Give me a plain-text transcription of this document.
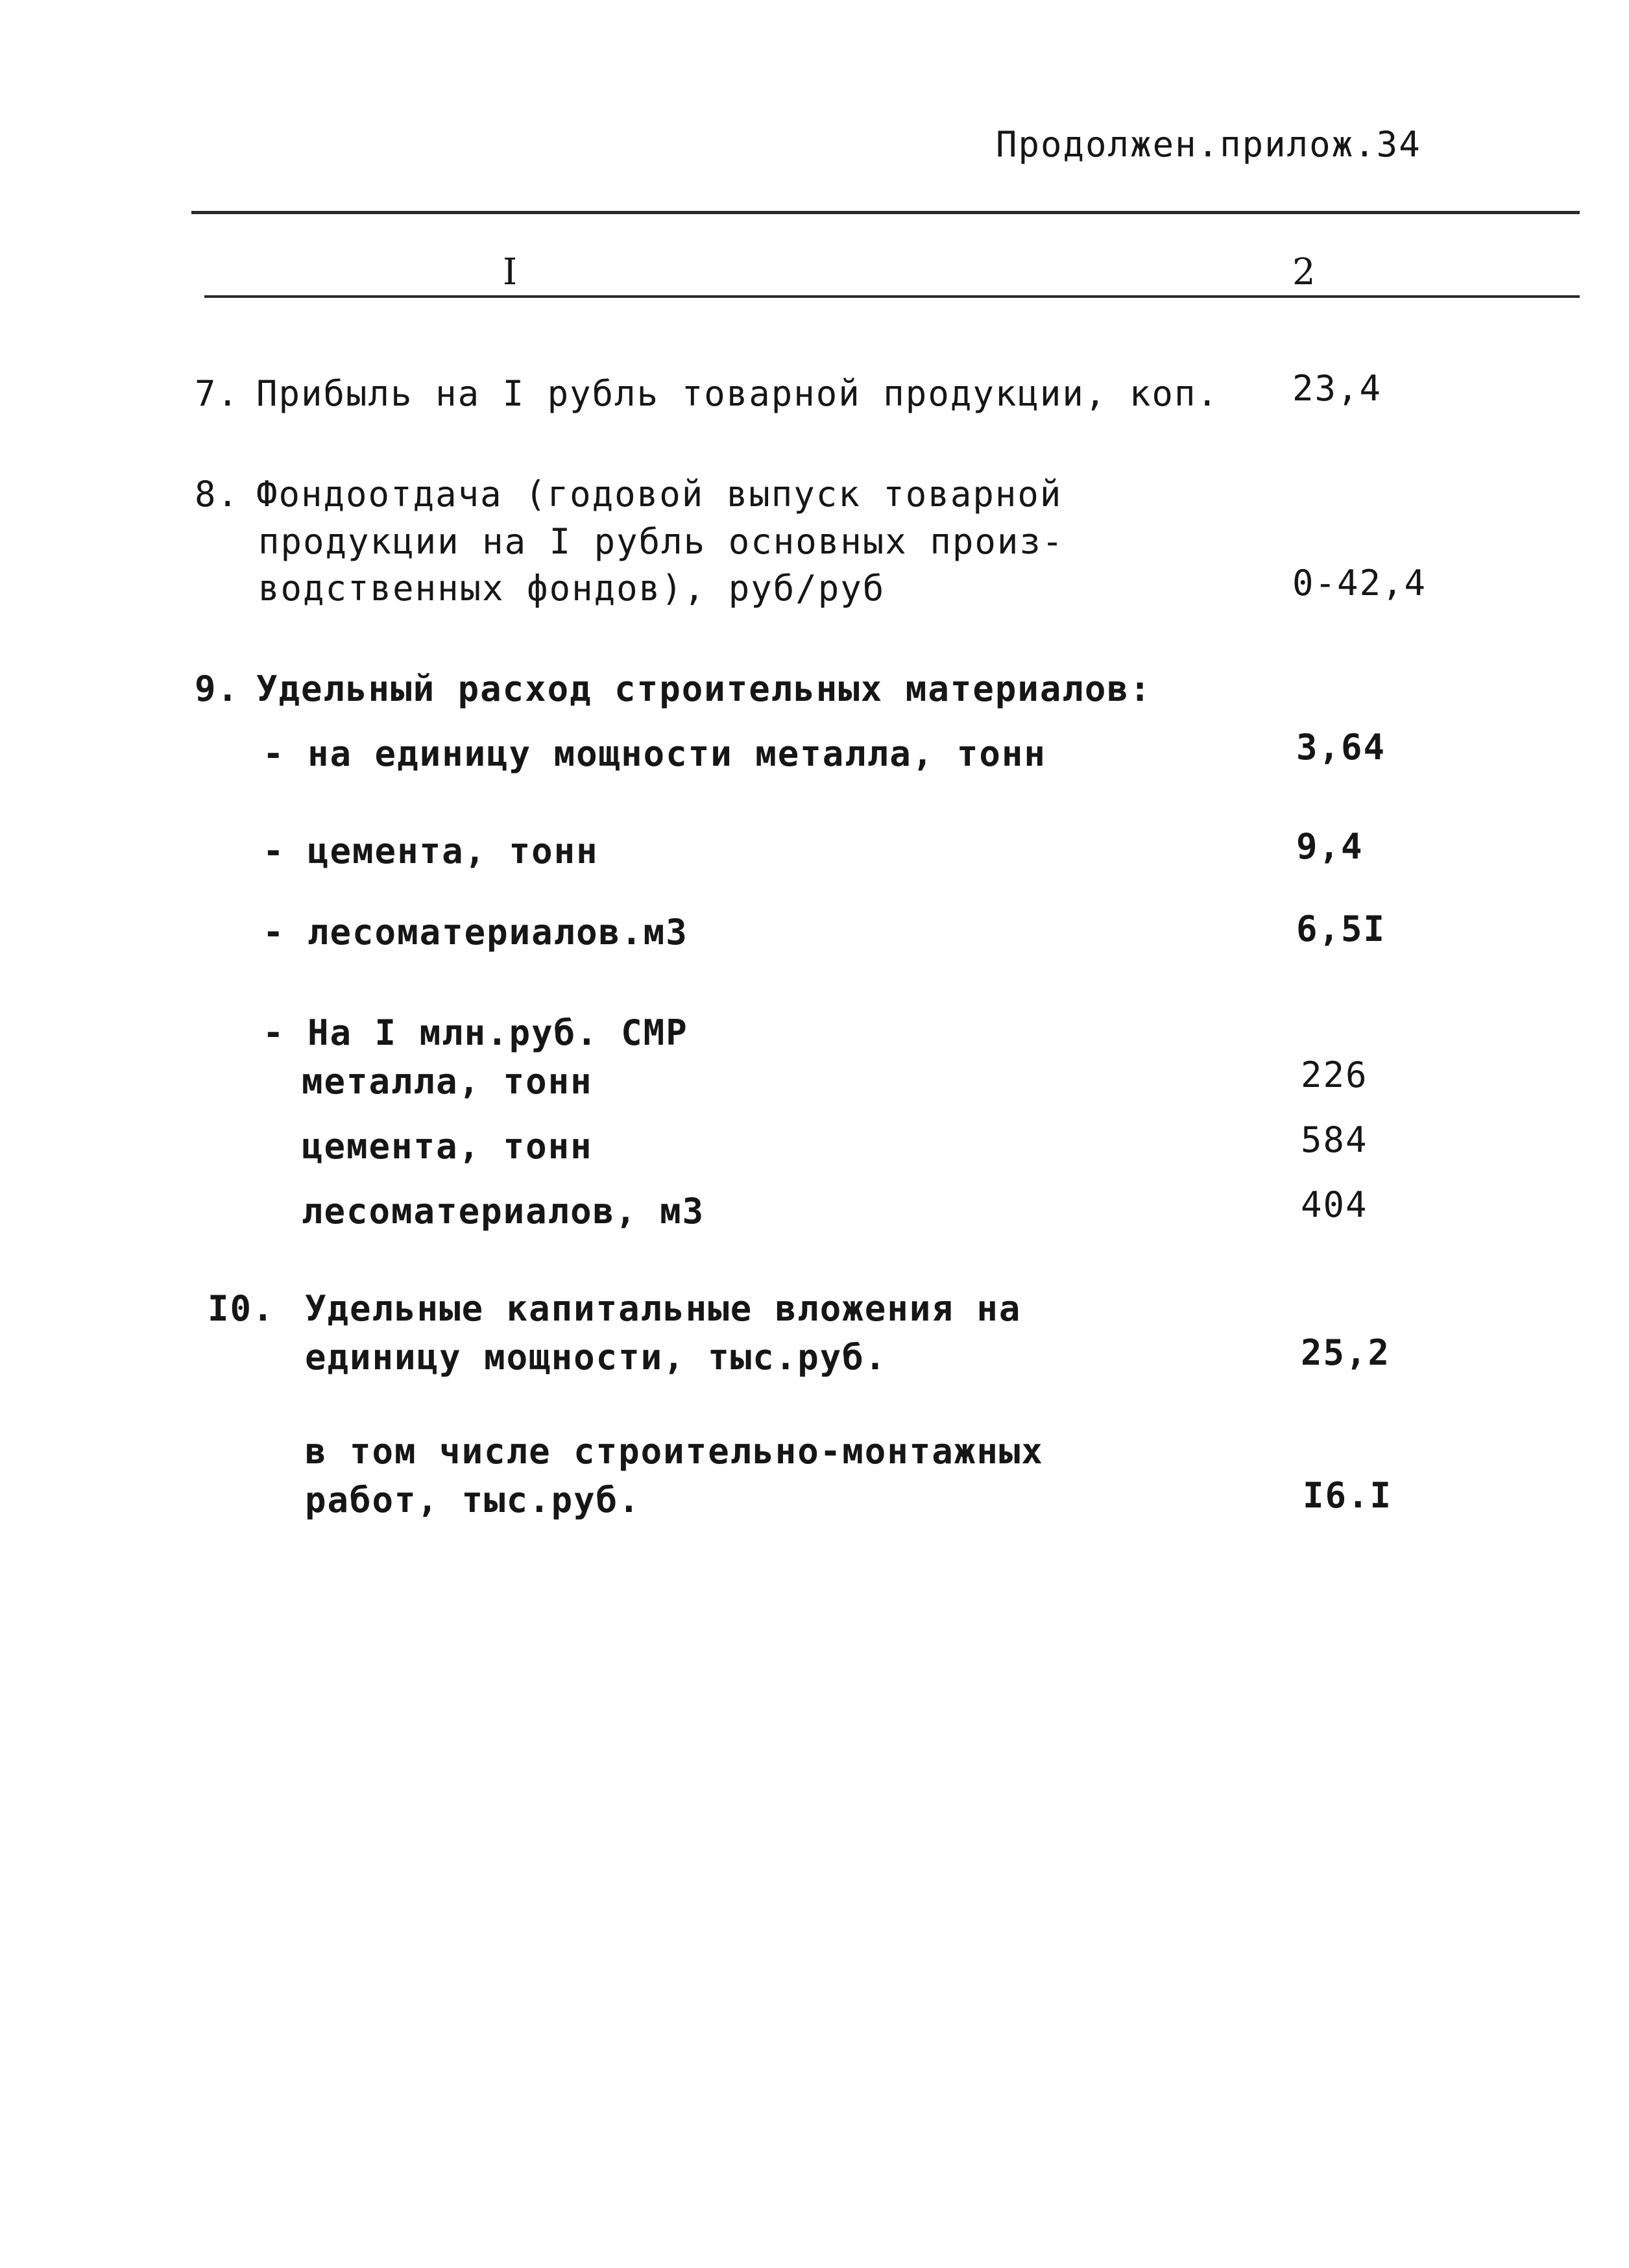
Продолжен.прилож.34
I	2
7. Прибыль на I рубль товарной продукции, коп. 23,4
8. Фондоотдача (годовой выпуск товарной
продукции на I рубль основных произ-
водственных фондов), руб/руб	0-42,4
9. Удельный расход строительных материалов:
- на единицу мощности металла, тонн	3,64
- цемента, тонн	9,4
- лесоматериалов.м3	6,5I
- На I млн.руб. СМР
металла, тонн	226
цемента, тонн	584
лесоматериалов, м3	404
I0. Удельные капитальные вложения на
единицу мощности, тыс.руб.	25,2
в том числе строительно-монтажных
работ, тыс.руб.	I6.I
